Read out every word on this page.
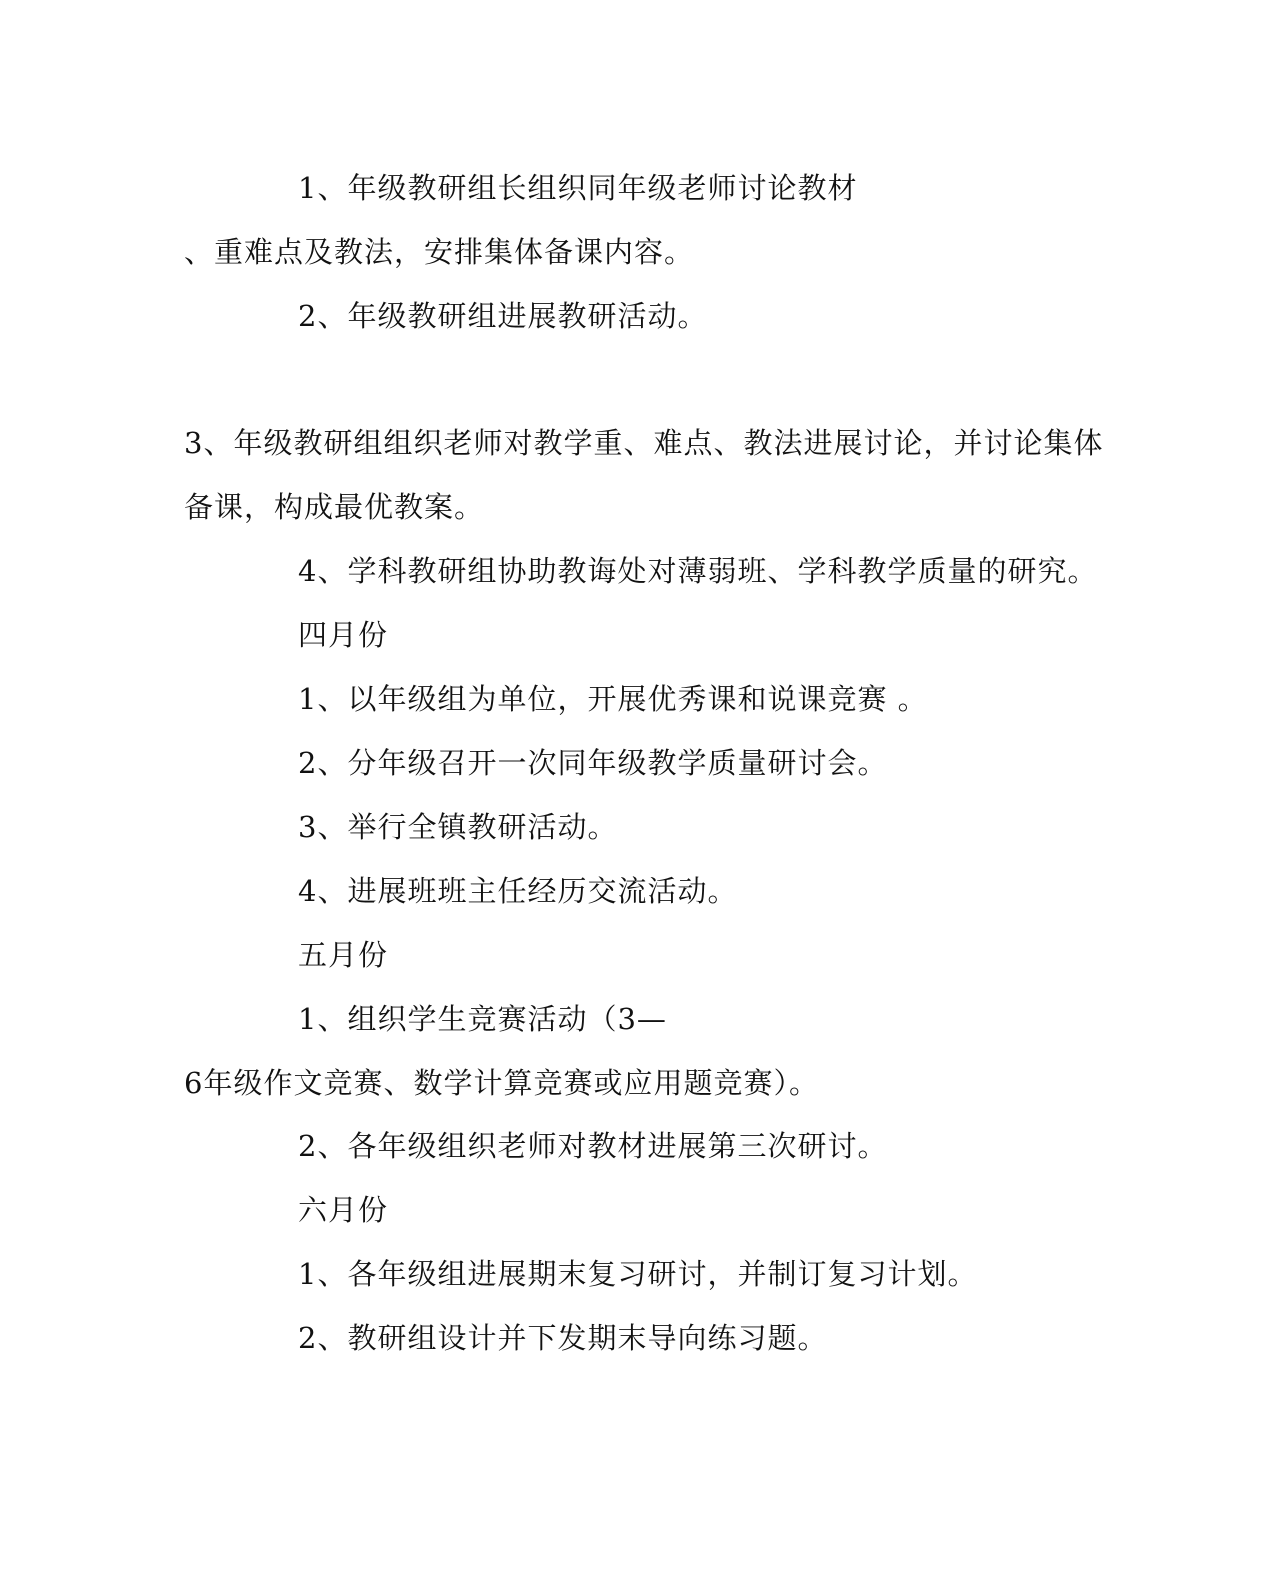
1、年级教研组长组织同年级老师讨论教材
、重难点及教法，安排集体备课内容。
2、年级教研组进展教研活动。
3、年级教研组组织老师对教学重、难点、教法进展讨论，并讨论集体
备课，构成最优教案。
4、学科教研组协助教诲处对薄弱班、学科教学质量的研究。
四月份
1、以年级组为单位，开展优秀课和说课竞赛 。
2、分年级召开一次同年级教学质量研讨会。
3、举行全镇教研活动。
4、进展班班主任经历交流活动。
五月份
1、组织学生竞赛活动（3—
6年级作文竞赛、数学计算竞赛或应用题竞赛）。
2、各年级组织老师对教材进展第三次研讨。
六月份
1、各年级组进展期末复习研讨，并制订复习计划。
2、教研组设计并下发期末导向练习题。
